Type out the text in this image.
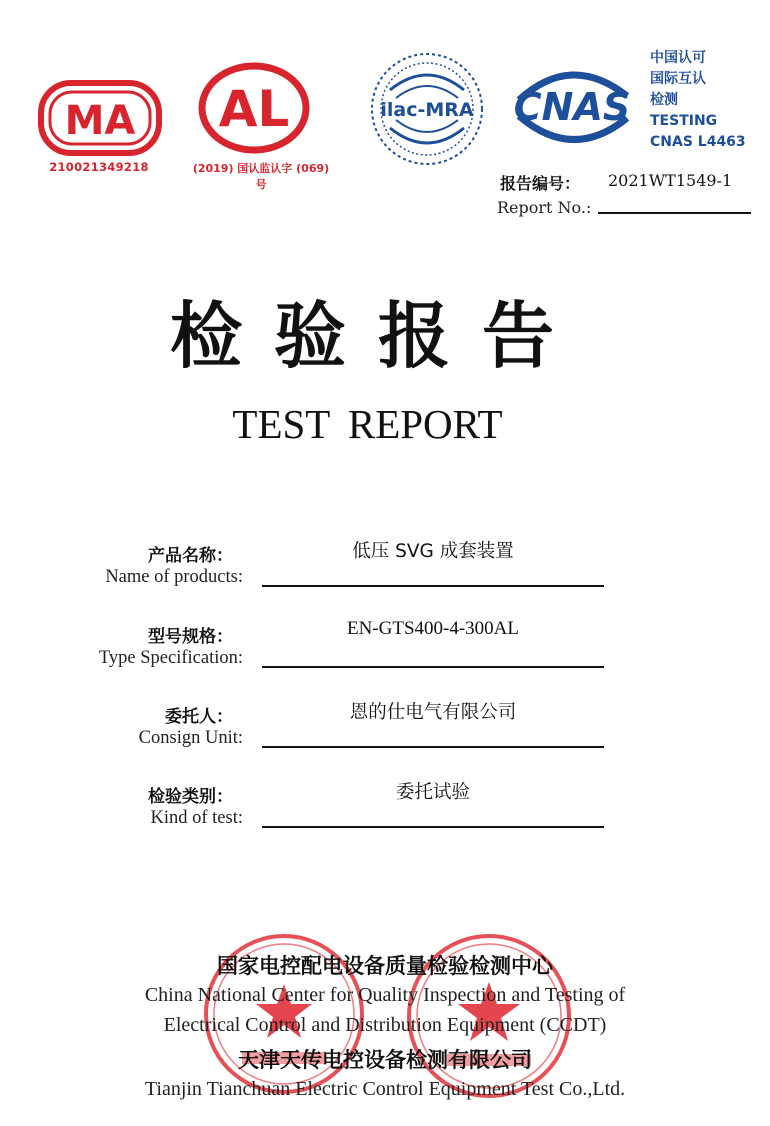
MA
210021349218
AL
(2019) 国认监认字 (069) 号
ilac-MRA CNAS
中国认可
国际互认
检测
TESTING
CNAS L4463
报告编号： 2021WT1549-1
Report No.:
检验报告
TEST REPORT
产品名称：
Name of products:
低压 SVG 成套装置
型号规格：
Type Specification:
EN-GTS400-4-300AL
委托人：
Consign Unit:
恩的仕电气有限公司
检验类别：
Kind of test:
委托试验
国家电控配电设备质量检验检测中心
China National Center for Quality Inspection and Testing of
Electrical Control and Distribution Equipment (CCDT)
天津天传电控设备检测有限公司
Tianjin Tianchuan Electric Control Equipment Test Co.,Ltd.
